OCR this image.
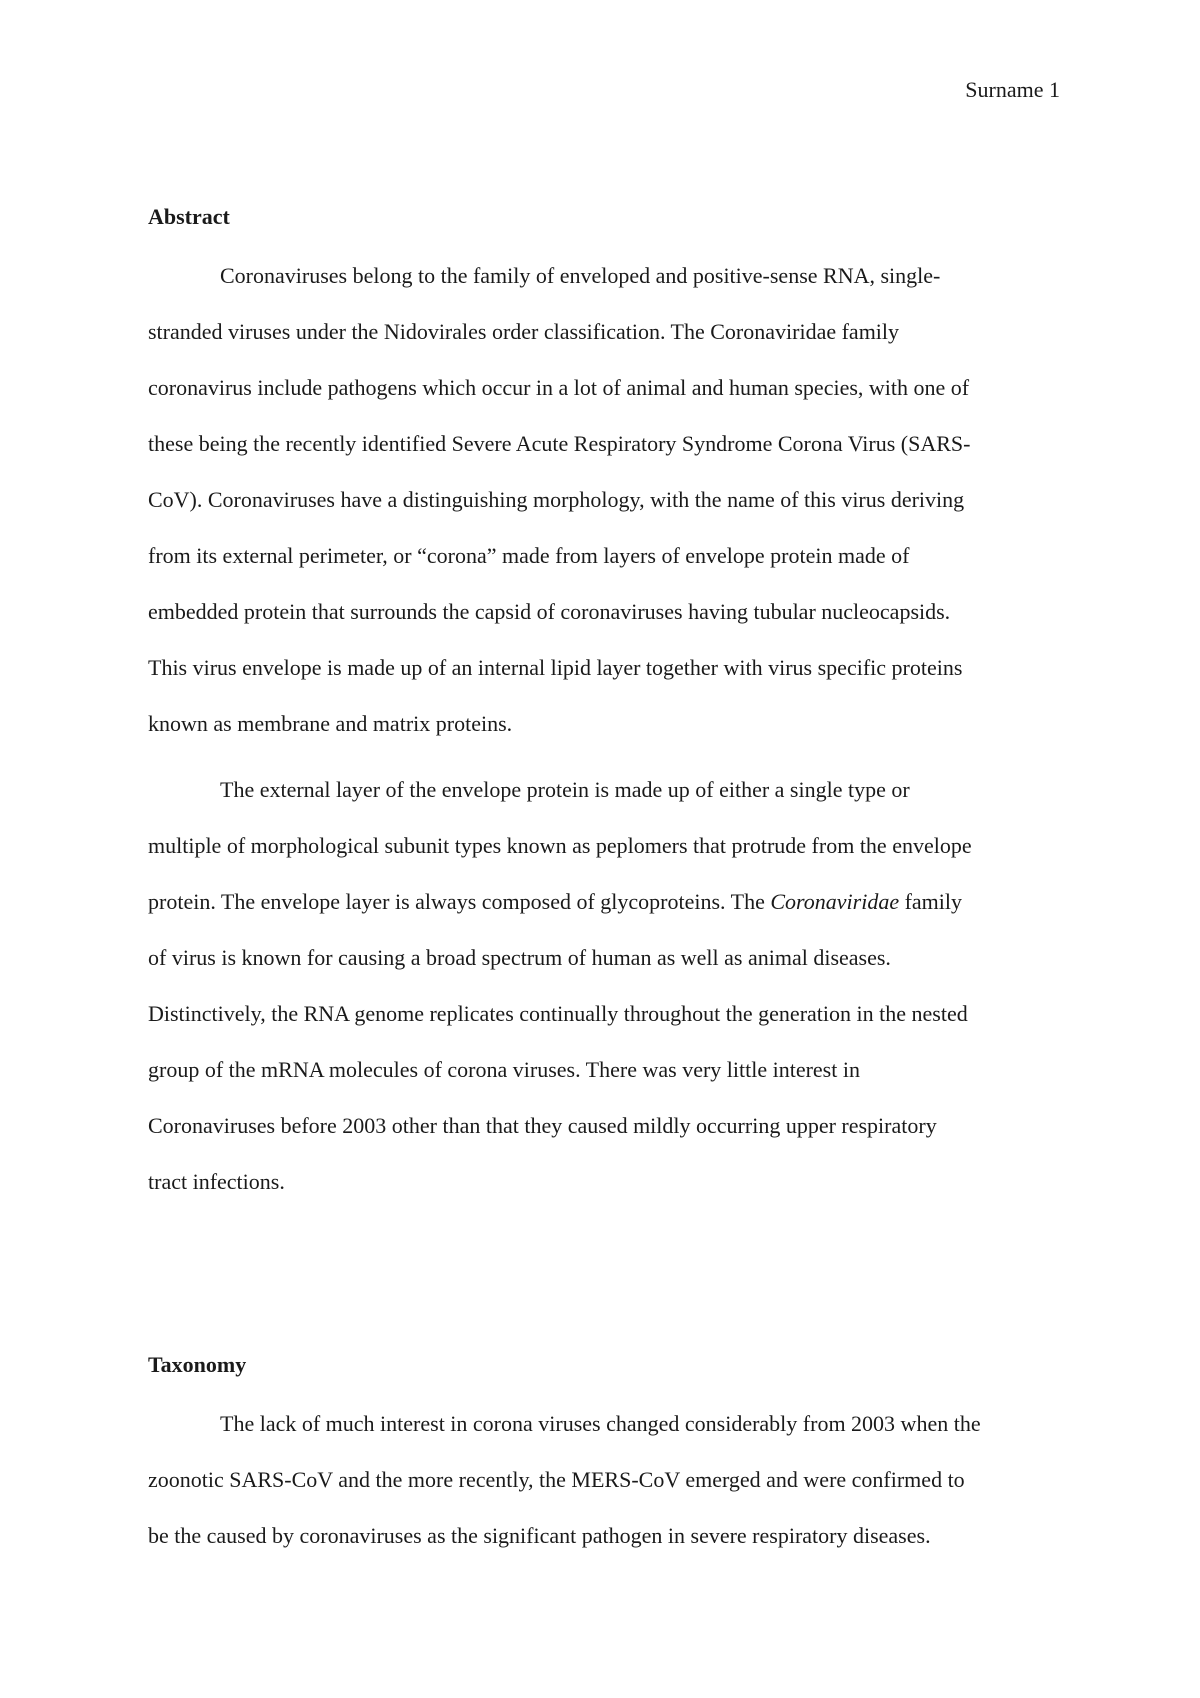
Surname 1
Abstract
Coronaviruses belong to the family of enveloped and positive-sense RNA, single-
stranded viruses under the Nidovirales order classification. The Coronaviridae family
coronavirus include pathogens which occur in a lot of animal and human species, with one of
these being the recently identified Severe Acute Respiratory Syndrome Corona Virus (SARS-
CoV). Coronaviruses have a distinguishing morphology, with the name of this virus deriving
from its external perimeter, or “corona” made from layers of envelope protein made of
embedded protein that surrounds the capsid of coronaviruses having tubular nucleocapsids.
This virus envelope is made up of an internal lipid layer together with virus specific proteins
known as membrane and matrix proteins.
The external layer of the envelope protein is made up of either a single type or
multiple of morphological subunit types known as peplomers that protrude from the envelope
protein. The envelope layer is always composed of glycoproteins. The Coronaviridae family
of virus is known for causing a broad spectrum of human as well as animal diseases.
Distinctively, the RNA genome replicates continually throughout the generation in the nested
group of the mRNA molecules of corona viruses. There was very little interest in
Coronaviruses before 2003 other than that they caused mildly occurring upper respiratory
tract infections.
Taxonomy
The lack of much interest in corona viruses changed considerably from 2003 when the
zoonotic SARS-CoV and the more recently, the MERS-CoV emerged and were confirmed to
be the caused by coronaviruses as the significant pathogen in severe respiratory diseases.
